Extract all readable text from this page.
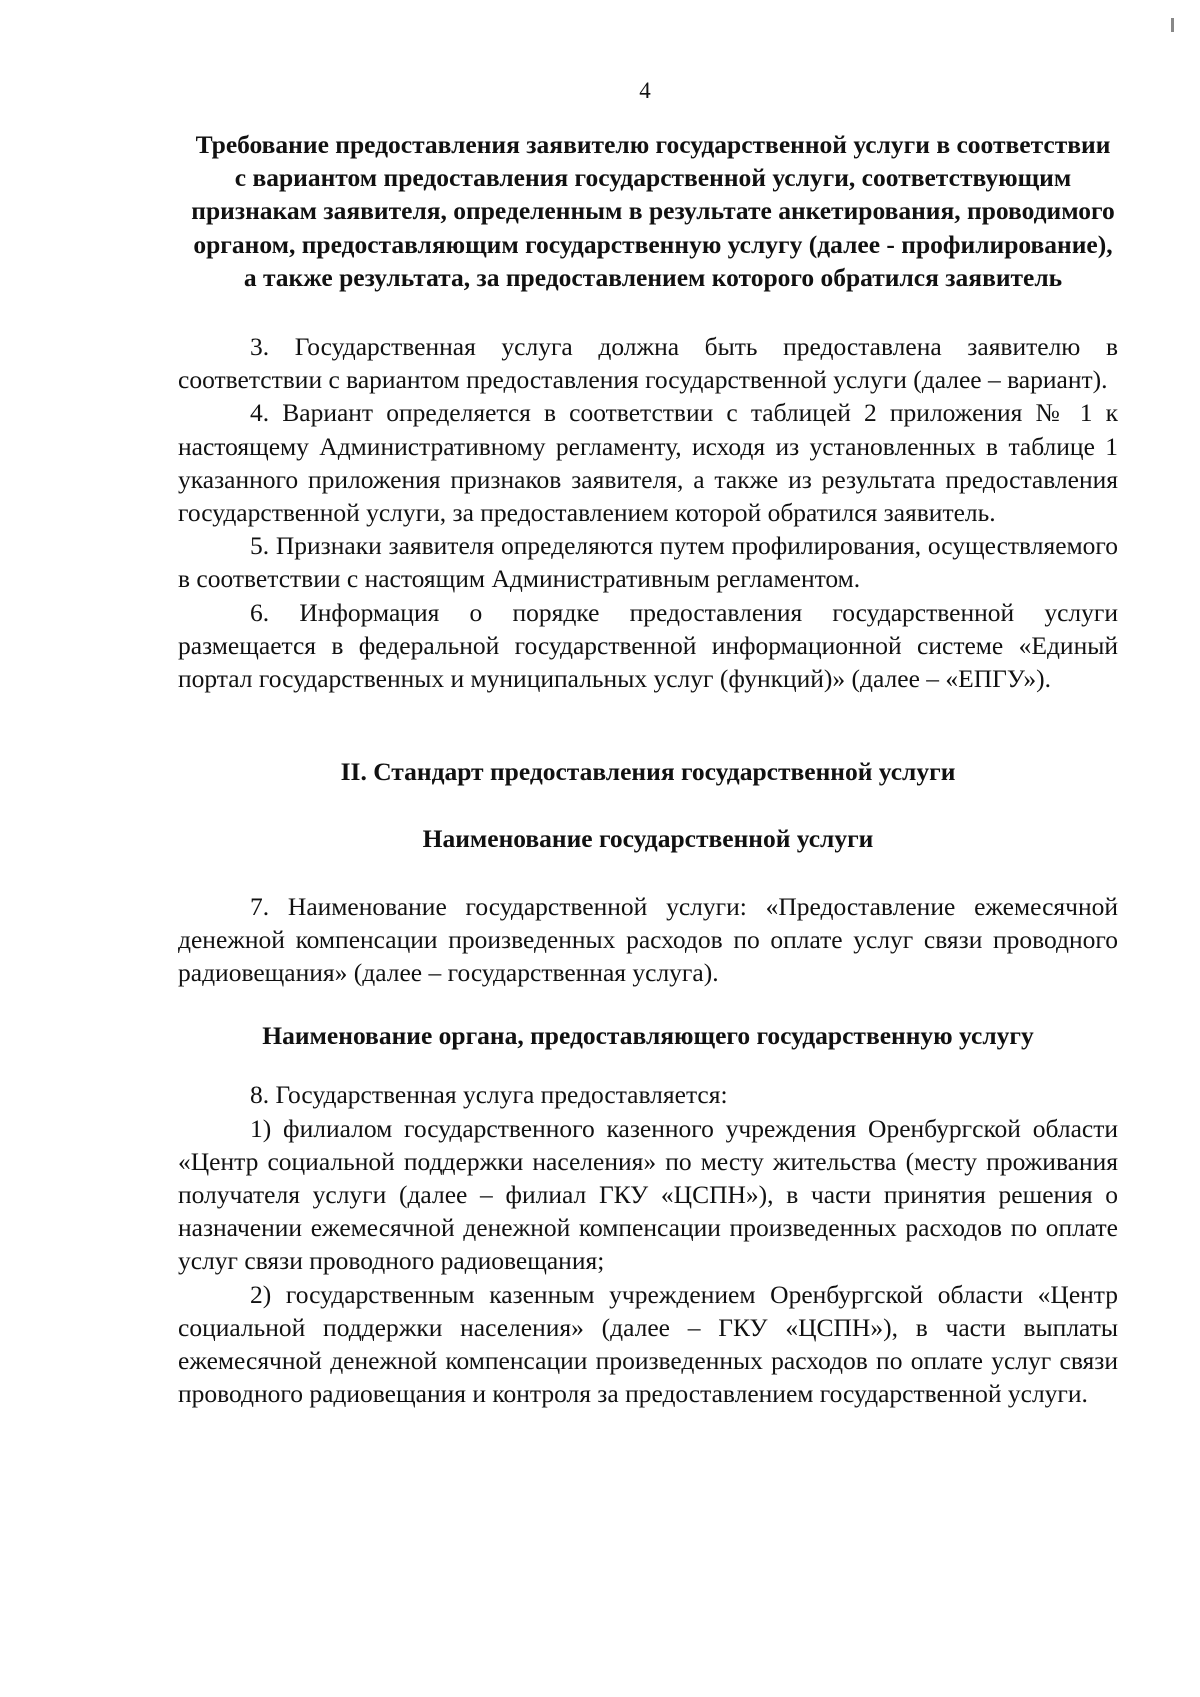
4

Требование предоставления заявителю государственной услуги в соответствии с вариантом предоставления государственной услуги, соответствующим признакам заявителя, определенным в результате анкетирования, проводимого органом, предоставляющим государственную услугу (далее - профилирование), а также результата, за предоставлением которого обратился заявитель

3. Государственная услуга должна быть предоставлена заявителю в соответствии с вариантом предоставления государственной услуги (далее – вариант).

4. Вариант определяется в соответствии с таблицей 2 приложения № 1 к настоящему Административному регламенту, исходя из установленных в таблице 1 указанного приложения признаков заявителя, а также из результата предоставления государственной услуги, за предоставлением которой обратился заявитель.

5. Признаки заявителя определяются путем профилирования, осуществляемого в соответствии с настоящим Административным регламентом.

6. Информация о порядке предоставления государственной услуги размещается в федеральной государственной информационной системе «Единый портал государственных и муниципальных услуг (функций)» (далее – «ЕПГУ»).

II. Стандарт предоставления государственной услуги

Наименование государственной услуги

7. Наименование государственной услуги: «Предоставление ежемесячной денежной компенсации произведенных расходов по оплате услуг связи проводного радиовещания» (далее – государственная услуга).

Наименование органа, предоставляющего государственную услугу

8. Государственная услуга предоставляется:

1) филиалом государственного казенного учреждения Оренбургской области «Центр социальной поддержки населения» по месту жительства (месту проживания получателя услуги (далее – филиал ГКУ «ЦСПН»), в части принятия решения о назначении ежемесячной денежной компенсации произведенных расходов по оплате услуг связи проводного радиовещания;

2) государственным казенным учреждением Оренбургской области «Центр социальной поддержки населения» (далее – ГКУ «ЦСПН»), в части выплаты ежемесячной денежной компенсации произведенных расходов по оплате услуг связи проводного радиовещания и контроля за предоставлением государственной услуги.
